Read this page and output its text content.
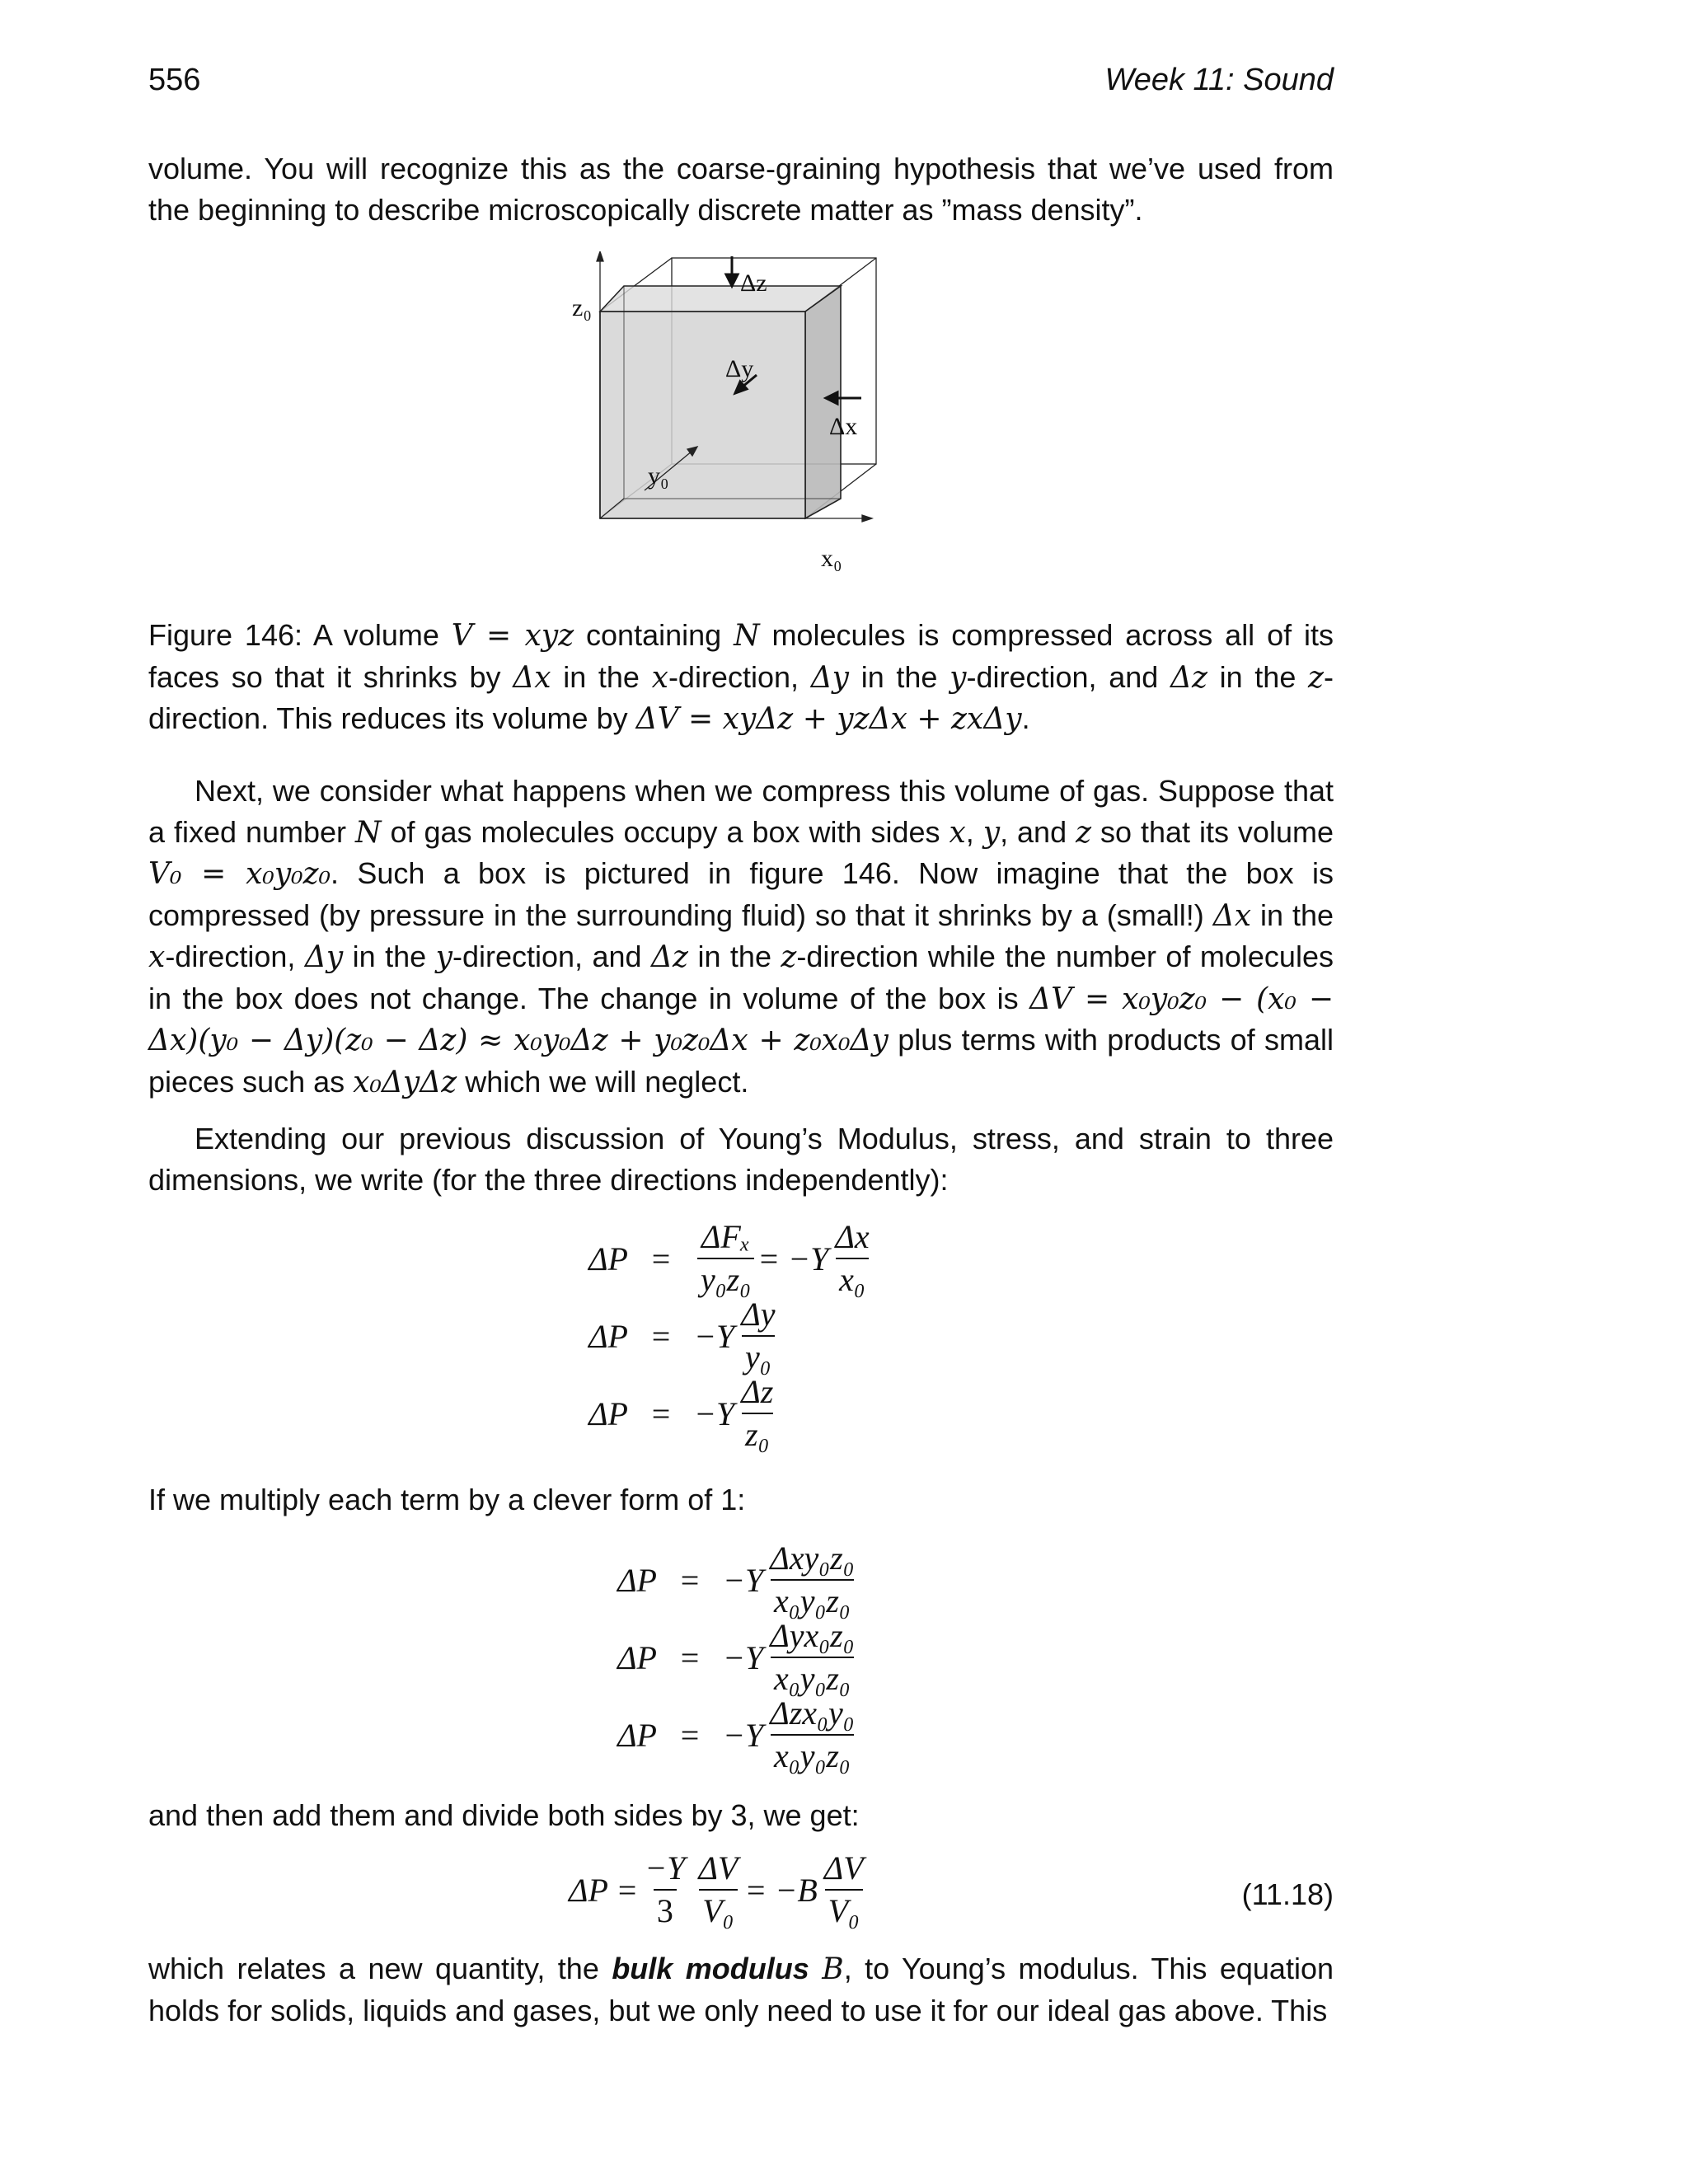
556	Week 11: Sound

volume. You will recognize this as the coarse-graining hypothesis that we’ve used from the beginning to describe microscopically discrete matter as ”mass density”.

z₀
Δz
Δy
Δx
y₀
x₀

Figure 146: A volume V = xyz containing N molecules is compressed across all of its faces so that it shrinks by Δx in the x-direction, Δy in the y-direction, and Δz in the z-direction. This reduces its volume by ΔV = xyΔz + yzΔx + zxΔy.

Next, we consider what happens when we compress this volume of gas. Suppose that a fixed number N of gas molecules occupy a box with sides x, y, and z so that its volume V₀ = x₀y₀z₀. Such a box is pictured in figure 146. Now imagine that the box is compressed (by pressure in the surrounding fluid) so that it shrinks by a (small!) Δx in the x-direction, Δy in the y-direction, and Δz in the z-direction while the number of molecules in the box does not change. The change in volume of the box is ΔV = x₀y₀z₀ − (x₀ − Δx)(y₀ − Δy)(z₀ − Δz) ≈ x₀y₀Δz + y₀z₀Δx + z₀x₀Δy plus terms with products of small pieces such as x₀ΔyΔz which we will neglect.

Extending our previous discussion of Young’s Modulus, stress, and strain to three dimensions, we write (for the three directions independently):

$\Delta P = \frac{\text{ΔFₓ}}{\text{y₀z₀}} = -Y \frac{\Delta x}{\text{x₀}}$
$\Delta P = -Y \frac{\Delta y}{\text{y₀}}$
$\Delta P = -Y \frac{\Delta z}{\text{z₀}}$

If we multiply each term by a clever form of 1:

$\Delta P = -Y \frac{\text{Δxy₀z₀}}{\text{x₀y₀z₀}}$
$\Delta P = -Y \frac{\text{Δyx₀z₀}}{\text{x₀y₀z₀}}$
$\Delta P = -Y \frac{\text{Δzx₀y₀}}{\text{x₀y₀z₀}}$

and then add them and divide both sides by 3, we get:

$\Delta P = \frac{-Y}{3} \frac{\Delta V}{\text{V₀}} = -B \frac{\Delta V}{\text{V₀}}$	(11.18)

which relates a new quantity, the bulk modulus B, to Young’s modulus. This equation holds for solids, liquids and gases, but we only need to use it for our ideal gas above. This
